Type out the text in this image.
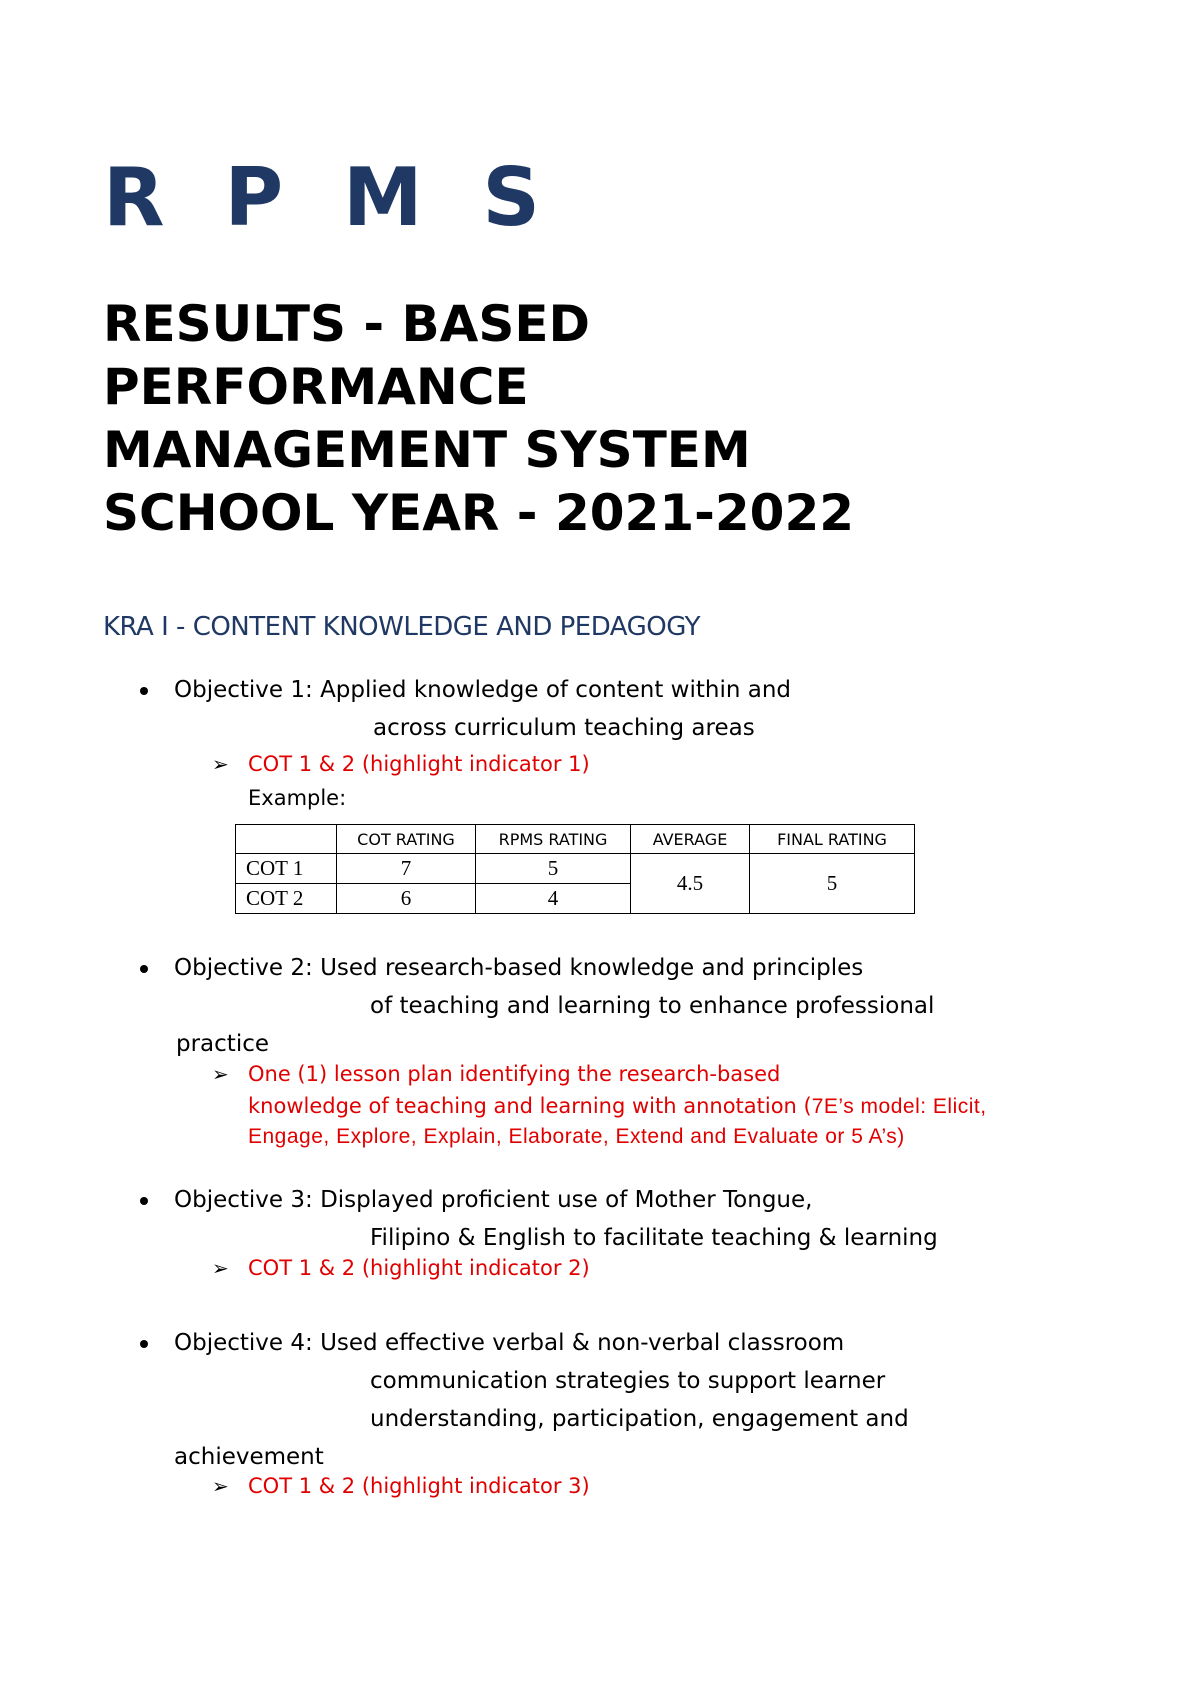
R P M S
RESULTS - BASED
PERFORMANCE
MANAGEMENT SYSTEM
SCHOOL YEAR - 2021-2022
KRA I - CONTENT KNOWLEDGE AND PEDAGOGY
Objective 1: Applied knowledge of content within and
across curriculum teaching areas
➢ COT 1 & 2 (highlight indicator 1)
Example:
	COT RATING	RPMS RATING	AVERAGE	FINAL RATING
COT 1	7	5	4.5	5
COT 2	6	4		
Objective 2: Used research-based knowledge and principles
of teaching and learning to enhance professional
practice
➢ One (1) lesson plan identifying the research-based
knowledge of teaching and learning with annotation (7E’s model: Elicit,
Engage, Explore, Explain, Elaborate, Extend and Evaluate or 5 A’s)
Objective 3: Displayed proficient use of Mother Tongue,
Filipino & English to facilitate teaching & learning
➢ COT 1 & 2 (highlight indicator 2)
Objective 4: Used effective verbal & non-verbal classroom
communication strategies to support learner
understanding, participation, engagement and
achievement
➢ COT 1 & 2 (highlight indicator 3)
